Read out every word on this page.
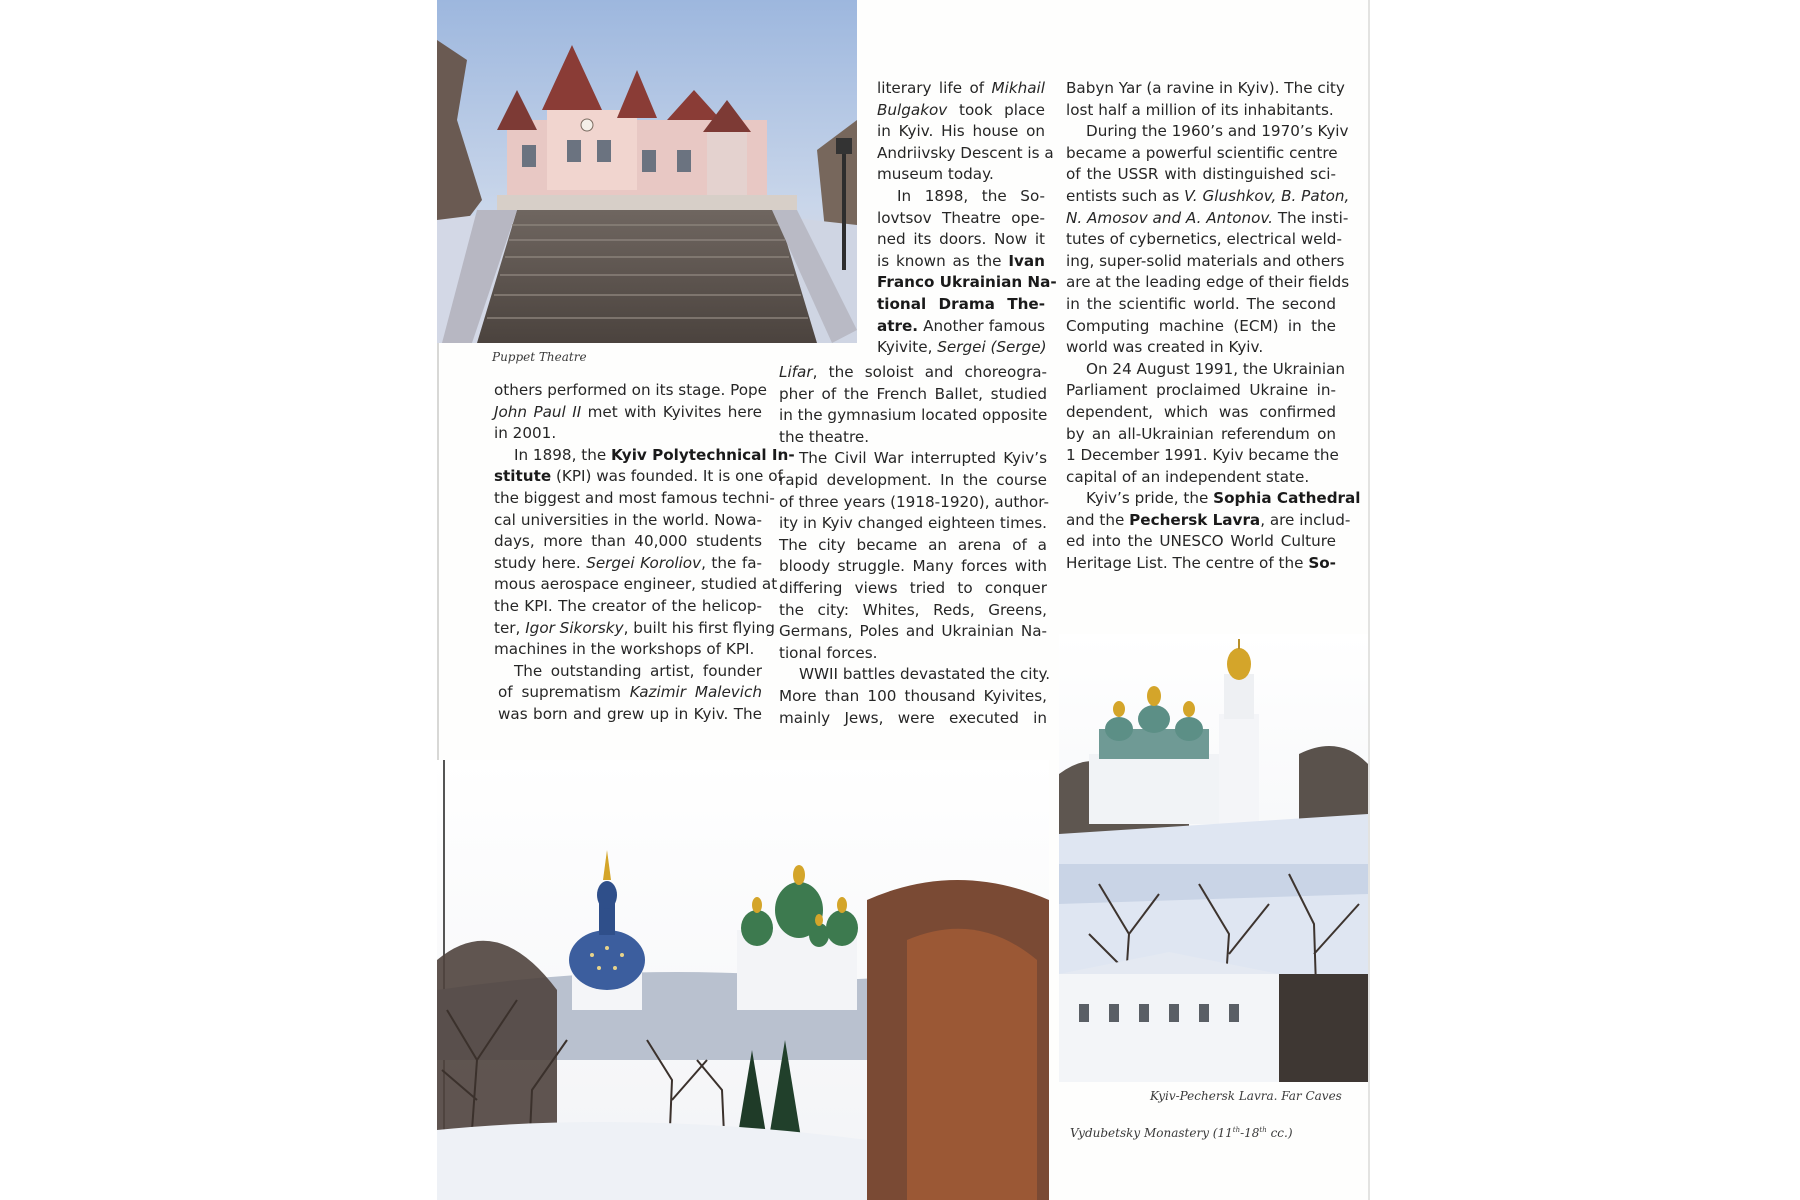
Puppet Theatre
Kyiv-Pechersk Lavra. Far Caves
Vydubetsky Monastery (11th-18th cc.)

others performed on its stage. Pope
John Paul II met with Kyivites here
in 2001.

In 1898, the Kyiv Polytechnical In-
stitute (KPI) was founded. It is one of
the biggest and most famous techni-
cal universities in the world. Nowa-
days, more than 40,000 students
study here. Sergei Koroliov, the fa-
mous aerospace engineer, studied at
the KPI. The creator of the helicop-
ter, Igor Sikorsky, built his first flying
machines in the workshops of KPI.

The outstanding artist, founder
of suprematism Kazimir Malevich
was born and grew up in Kyiv. The

literary life of Mikhail
Bulgakov took place
in Kyiv. His house on
Andriivsky Descent is a
museum today.

In 1898, the So-
lovtsov Theatre ope-
ned its doors. Now it
is known as the Ivan
Franco Ukrainian Na-
tional Drama The-
atre. Another famous
Kyivite, Sergei (Serge)

Lifar, the soloist and choreogra-
pher of the French Ballet, studied
in the gymnasium located opposite
the theatre.

The Civil War interrupted Kyiv’s
rapid development. In the course
of three years (1918-1920), author-
ity in Kyiv changed eighteen times.
The city became an arena of a
bloody struggle. Many forces with
differing views tried to conquer
the city: Whites, Reds, Greens,
Germans, Poles and Ukrainian Na-
tional forces.

WWII battles devastated the city.
More than 100 thousand Kyivites,
mainly Jews, were executed in

Babyn Yar (a ravine in Kyiv). The city
lost half a million of its inhabitants.

During the 1960’s and 1970’s Kyiv
became a powerful scientific centre
of the USSR with distinguished sci-
entists such as V. Glushkov, B. Paton,
N. Amosov and A. Antonov. The insti-
tutes of cybernetics, electrical weld-
ing, super-solid materials and others
are at the leading edge of their fields
in the scientific world. The second
Computing machine (ECM) in the
world was created in Kyiv.

On 24 August 1991, the Ukrainian
Parliament proclaimed Ukraine in-
dependent, which was confirmed
by an all-Ukrainian referendum on
1 December 1991. Kyiv became the
capital of an independent state.

Kyiv’s pride, the Sophia Cathedral
and the Pechersk Lavra, are includ-
ed into the UNESCO World Culture
Heritage List. The centre of the So-
